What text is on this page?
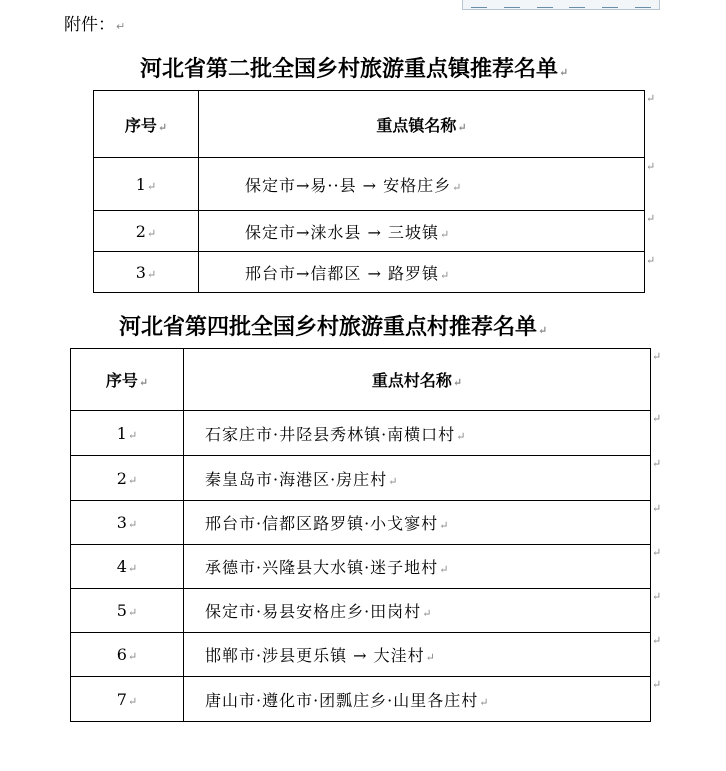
附件：↵
河北省第二批全国乡村旅游重点镇推荐名单↵
序号↵	重点镇名称↵
1↵	保定市→易··县 → 安格庄乡↵
2↵	保定市→涞水县 → 三坡镇↵
3↵	邢台市→信都区 → 路罗镇↵
↵
↵
↵
↵
河北省第四批全国乡村旅游重点村推荐名单↵
序号↵	重点村名称↵
1↵	石家庄市·井陉县秀林镇·南横口村↵
2↵	秦皇岛市·海港区·房庄村↵
3↵	邢台市·信都区路罗镇·小戈寥村↵
4↵	承德市·兴隆县大水镇·迷子地村↵
5↵	保定市·易县安格庄乡·田岗村↵
6↵	邯郸市·涉县更乐镇 → 大洼村↵
7↵	唐山市·遵化市·团瓢庄乡·山里各庄村↵
↵
↵
↵
↵
↵
↵
↵
↵
